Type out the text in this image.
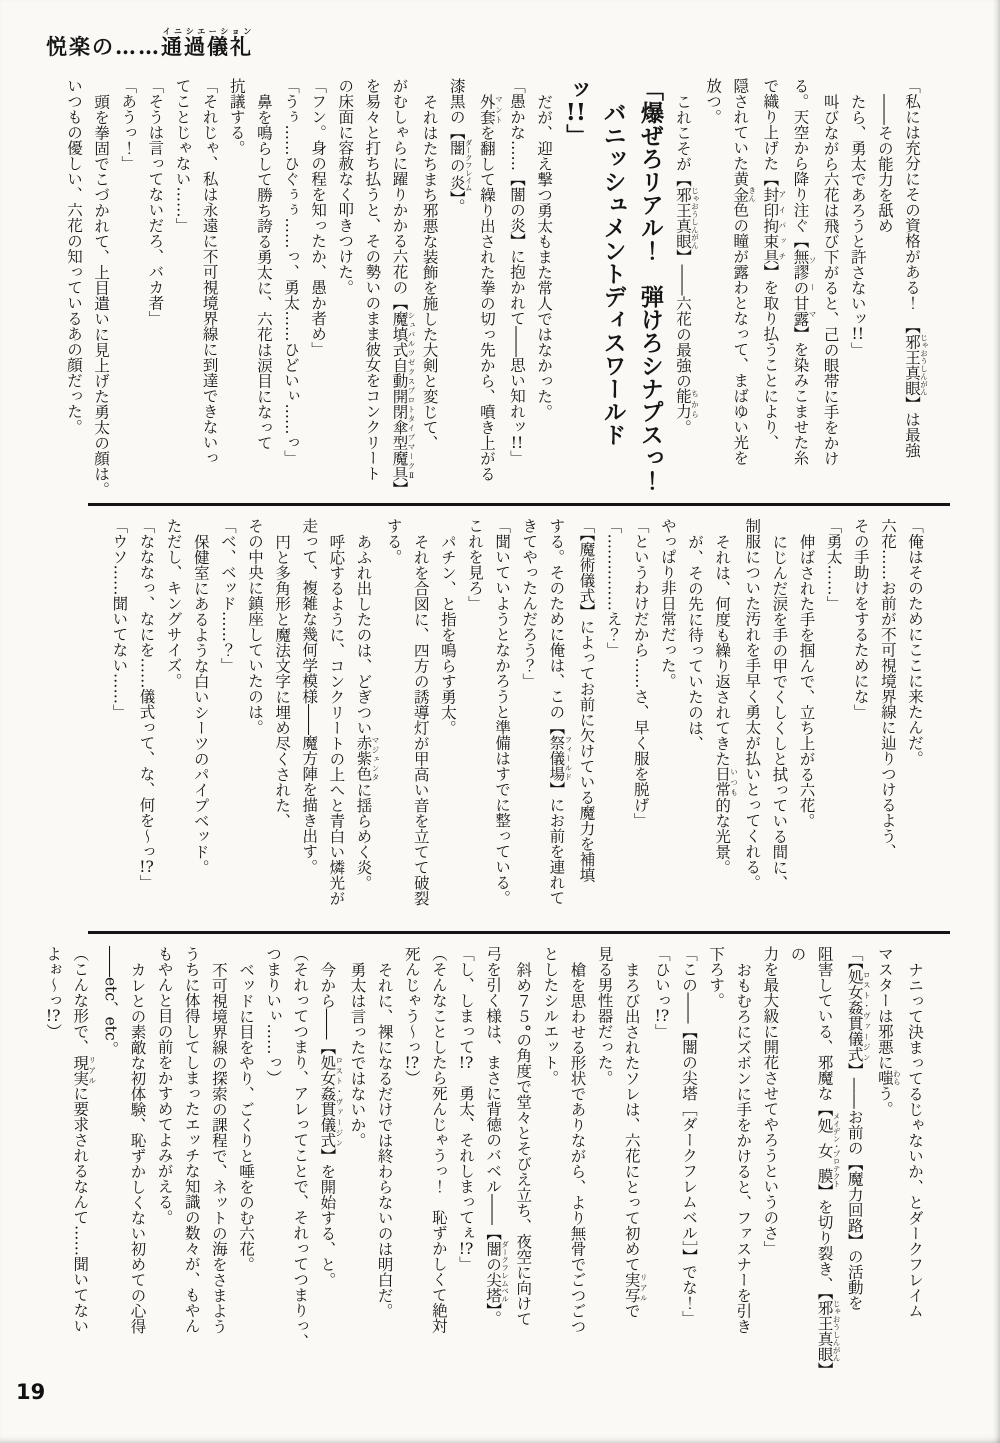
悦楽の……通過儀礼イニシエーション

「私には充分にその資格がある！　【邪王真眼じゃおうしんがん】は最強

――その能力を舐め

たら、勇太であろうと許さないッ!!」

叫びながら六花は飛び下がると、己の眼帯に手をかけ

る。天空から降り注ぐ【無謬の甘露ソーマ】を染みこませた糸

で織り上げた【封印拘束具アイパッチ】を取り払うことにより、

隠されていた黄金きん色の瞳が露わとなって、まばゆい光を

放つ。

これこそが【邪王真眼じゃおうしんがん】――六花の最強の能力ちから。

「爆ぜろリアル！　弾けろシナプスっ！

バニッシュメントディスワールドッ!!」

だが、迎え撃つ勇太もまた常人ではなかった。

「愚かな……【闇の炎】に抱かれて――思い知れッ!!」

外套マントを翻して繰り出された拳の切っ先から、噴き上がる

漆黒の【闇の炎ダークフレイム】。

それはたちまち邪悪な装飾を施した大剣と変じて、

がむしゃらに躍りかかる六花の【魔填式自動開閉傘型魔具シュバルツゼクスプロトタイプマークⅡ】

を易々と打ち払うと、その勢いのまま彼女をコンクリート

の床面に容赦なく叩きつけた。

「フン。身の程を知ったか、愚か者め」

「うぅ……ひぐぅぅ……っ、勇太……ひどいぃ……っ」

鼻を鳴らして勝ち誇る勇太に、六花は涙目になって

抗議する。

「それじゃ、私は永遠に不可視境界線に到達できないっ

てことじゃない……」

「そうは言ってないだろ、バカ者」

「あうっ！」

頭を拳固でこづかれて、上目遣いに見上げた勇太の顔は。

いつもの優しい、六花の知っているあの顔だった。

「俺はそのためにここに来たんだ。

六花……お前が不可視境界線に辿りつけるよう、

その手助けをするためにな」

「勇太……」

伸ばされた手を掴んで、立ち上がる六花。

にじんだ涙を手の甲でくしくしと拭っている間に、

制服についた汚れを手早く勇太が払いとってくれる。

それは、何度も繰り返されてきた日常いつも的な光景。

が、その先に待っていたのは、

やっぱり非日常だった。

「というわけだから……さ、早く服を脱げ」

「……………え？」

「【魔術儀式】によってお前に欠けている魔力を補填

する。そのために俺は、この【祭儀場フィールド】にお前を連れて

きてやったんだろう？」

「聞いていようとなかろうと準備はすでに整っている。

これを見ろ」

パチン、と指を鳴らす勇太。

それを合図に、四方の誘導灯が甲高い音を立てて破裂

する。

あふれ出したのは、どぎつい赤紫色マジェンタに揺らめく炎。

呼応するように、コンクリートの上へと青白い燐光が

走って、複雑な幾何学模様――魔方陣を描き出す。

円と多角形と魔法文字に埋め尽くされた、

その中央に鎮座していたのは。

「べ、ベッド……？」

保健室にあるような白いシーツのパイプベッド。

ただし、キングサイズ。

「なななっ、なにを……儀式って、な、何を～っ!?」

「ウソ……聞いてない……」

ナニって決まってるじゃないか、とダークフレイム

マスターは邪悪に嗤わらう。

「【処女姦貫儀式ロスト・ヴァージン】――お前の【魔力回路】の活動を

阻害している、邪魔な【処女膜メイデン・プロテクト】を切り裂き、【邪王真眼じゃおうしんがん】の

力を最大級に開花させてやろうというのさ」

おもむろにズボンに手をかけると、ファスナーを引き

下ろす。

「この――【闇の尖塔［ダークフレムベル］】でな！」

「ひいっ!?」

まろび出されたソレは、六花にとって初めて実写リアルで

見る男性器だった。

槍を思わせる形状でありながら、より無骨でごつごつ

としたシルエット。

斜め７５°の角度で堂々とそびえ立ち、夜空に向けて

弓を引く様は、まさに背徳のバベル――【闇の尖塔ダークフレムベル】。

「し、しまって!?　勇太、それしまってぇ!?」

（そんなことしたら死んじゃうっ！　恥ずかしくて絶対

死んじゃう～っ!?）

それに、裸になるだけでは終わらないのは明白だ。

勇太は言ったではないか。

今から――【処女姦貫儀式ロスト・ヴァージン】を開始する、と。

（それってつまり、アレってことで、それってつまりっ、

つまりいぃ……っ）

ベッドに目をやり、ごくりと唾をのむ六花。

不可視境界線の探索の課程で、ネットの海をさまよう

うちに体得してしまったエッチな知識の数々が、もやん

もやんと目の前をかすめてよみがえる。

カレとの素敵な初体験、恥ずかしくない初めての心得

――etc、etc。

（こんな形で、現実リアルに要求されるなんて……聞いてない

よぉ～っ!?）

19
